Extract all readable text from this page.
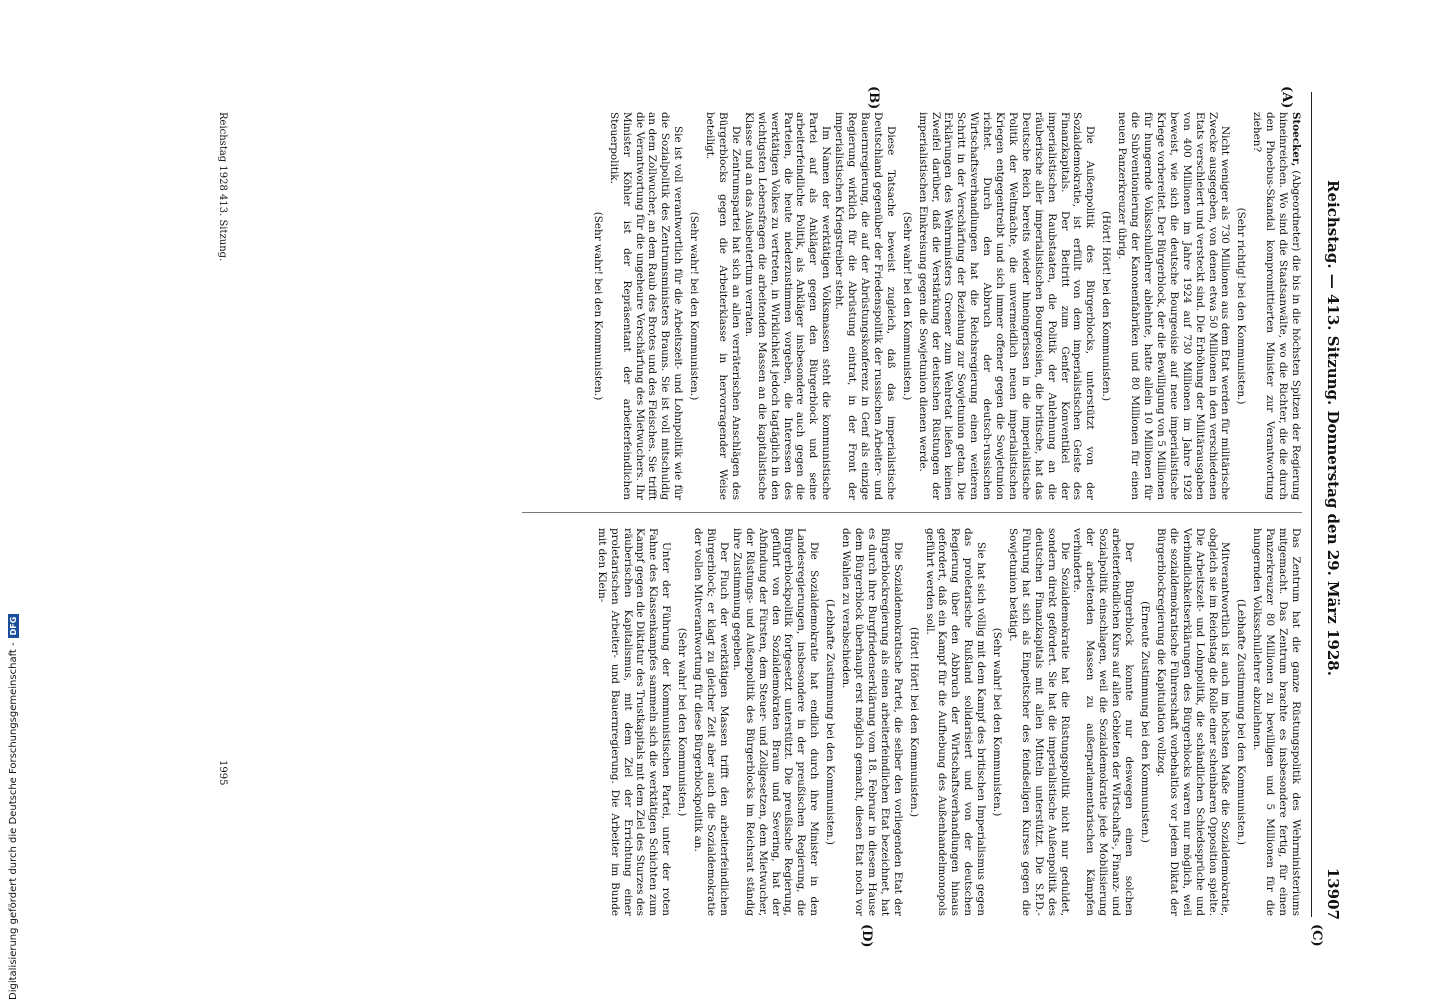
Digitalisierung gefördert durch die Deutsche Forschungsgemeinschaft -DFG	Reichstag. — 413. Sitzung. Donnerstag den 29. März 1928.
13907
(A)
(B)
(C)
(D)

Stoecker, (Abgeordneter) die bis in die höchsten Spitzen der Regierung hineinreichen. Wo sind die Staatsanwälte, wo die Richter, die die durch den Phoebus-Skandal kompromittierten Minister zur Verantwortung ziehen?

(Sehr richtig! bei den Kommunisten.)

Nicht weniger als 730 Millionen aus dem Etat werden für militärische Zwecke ausgegeben, von denen etwa 50 Millionen in den verschiedenen Etats verschleiert und versteckt sind. Die Erhöhung der Militärausgaben von 400 Millionen im Jahre 1924 auf 730 Millionen im Jahre 1928 beweist, wie sich die deutsche Bourgeoisie auf neue imperialistische Kriege vorbereitet. Der Bürgerblock, der die Bewilligung von 5 Millionen für hungernde Volksschullehrer ablehnte, hatte allein 10 Millionen für die Subventionierung der Kanonenfabriken und 80 Millionen für einen neuen Panzerkreuzer übrig.

(Hört! Hört! bei den Kommunisten.)

Die Außenpolitik des Bürgerblocks, unterstützt von der Sozialdemokratie, ist erfüllt von dem imperialistischen Geiste des Finanzkapitals. Der Beitritt zum Genfer Konventikel der imperialistischen Raubstaaten, die Politik der Anlehnung an die räuberische aller imperialistischen Bourgeoisien, die britische, hat das Deutsche Reich bereits wieder hineingerissen in die imperialistische Politik der Weltmächte, die unvermeidlich neuen imperialistischen Kriegen entgegentreibt und sich immer offener gegen die Sowjetunion richtet. Durch den Abbruch der deutsch-russischen Wirtschaftsverhandlungen hat die Reichsregierung einen weiteren Schritt in der Verschärfung der Beziehung zur Sowjetunion getan. Die Erklärungen des Wehrministers Groener zum Wehretat ließen keinen Zweifel darüber, daß die Verstärkung der deutschen Rüstungen der imperialistischen Einkreisung gegen die Sowjetunion dienen werde.

(Sehr wahr! bei den Kommunisten.)

Diese Tatsache beweist zugleich, daß das imperialistische Deutschland gegenüber der Friedenspolitik der russischen Arbeiter- und Bauernregierung, die auf der Abrüstungskonferenz in Genf als einzige Regierung wirklich für die Abrüstung eintrat, in der Front der imperialistischen Kriegstreiber steht.

Im Namen der werktätigen Volksmassen steht die kommunistische Partei auf als Ankläger gegen den Bürgerblock und seine arbeiterfeindliche Politik, als Ankläger insbesondere auch gegen die Parteien, die heute niederzustimmen vorgeben, die Interessen des werktätigen Volkes zu vertreten, in Wirklichkeit jedoch tagtäglich in den wichtigsten Lebensfragen die arbeitenden Massen an die kapitalistische Klasse und an das Ausbeutertum verraten.

Die Zentrumspartei hat sich an allen verräterischen Anschlägen des Bürgerblocks gegen die Arbeiterklasse in hervorragender Weise beteiligt.

(Sehr wahr! bei den Kommunisten.)

Sie ist voll verantwortlich für die Arbeitszeit- und Lohnpolitik wie für die Sozialpolitik des Zentrumsministers Brauns. Sie ist voll mitschuldig an dem Zollwucher, an dem Raub des Brotes und des Fleisches. Sie trifft die Verantwortung für die ungeheure Verschärfung des Mietwuchers. Ihr Minister Köhler ist der Repräsentant der arbeiterfeindlichen Steuerpolitik.

(Sehr wahr! bei den Kommunisten.)

Das Zentrum hat die ganze Rüstungspolitik des Wehrministeriums mitgemacht. Das Zentrum brachte es insbesondere fertig, für einen Panzerkreuzer 80 Millionen zu bewilligen und 5 Millionen für die hungernden Volksschullehrer abzulehnen.

(Lebhafte Zustimmung bei den Kommunisten.)

Mitverantwortlich ist auch im höchsten Maße die Sozialdemokratie, obgleich sie im Reichstag die Rolle einer scheinbaren Opposition spielte. Die Arbeitszeit- und Lohnpolitik, die schändlichen Schiedssprüche und Verbindlichkeitserklärungen des Bürgerblocks waren nur möglich, weil die sozialdemokratische Führerschaft vorbehaltlos vor jedem Diktat der Bürgerblockregierung die Kapitulation vollzog.

(Erneute Zustimmung bei den Kommunisten.)

Der Bürgerblock konnte nur deswegen einen solchen arbeiterfeindlichen Kurs auf allen Gebieten der Wirtschafts-, Finanz- und Sozialpolitik einschlagen, weil die Sozialdemokratie jede Mobilisierung der arbeitenden Massen zu außerparlamentarischen Kämpfen verhinderte.

Die Sozialdemokratie hat die Rüstungspolitik nicht nur geduldet, sondern direkt gefördert. Sie hat die imperialistische Außenpolitik des deutschen Finanzkapitals mit allen Mitteln unterstützt. Die S.P.D.-Führung hat sich als Einpeitscher des feindseligen Kurses gegen die Sowjetunion betätigt.

(Sehr wahr! bei den Kommunisten.)

Sie hat sich völlig mit dem Kampf des britischen Imperialismus gegen das proletarische Rußland solidarisiert und von der deutschen Regierung über den Abbruch der Wirtschaftsverhandlungen hinaus gefordert, daß ein Kampf für die Aufhebung des Außenhandelmonopols geführt werden soll.

(Hört! Hört! bei den Kommunisten.)

Die Sozialdemokratische Partei, die selber den vorliegenden Etat der Bürgerblockregierung als einen arbeiterfeindlichen Etat bezeichnet, hat es durch ihre Burgfriedenserklärung vom 18. Februar in diesem Hause dem Bürgerblock überhaupt erst möglich gemacht, diesen Etat noch vor den Wahlen zu verabschieden.

(Lebhafte Zustimmung bei den Kommunisten.)

Die Sozialdemokratie hat endlich durch ihre Minister in den Landesregierungen, insbesondere in der preußischen Regierung, die Bürgerblockpolitik fortgesetzt unterstützt. Die preußische Regierung, geführt von den Sozialdemokraten Braun und Severing, hat der Abfindung der Fürsten, dem Steuer- und Zollgesetzen, dem Mietwucher, der Rüstungs- und Außenpolitik des Bürgerblocks im Reichsrat ständig ihre Zustimmung gegeben.

Der Fluch der werktätigen Massen trifft den arbeiterfeindlichen Bürgerblock; er klagt zu gleicher Zeit aber auch die Sozialdemokratie der vollen Mitverantwortung für diese Bürgerblockpolitik an.

(Sehr wahr! bei den Kommunisten.)

Unter der Führung der Kommunistischen Partei, unter der roten Fahne des Klassenkampfes sammeln sich die werktätigen Schichten zum Kampf gegen die Diktatur des Trustkapitals mit dem Ziel des Sturzes des räuberischen Kapitalismus, mit dem Ziel der Errichtung einer proletarischen Arbeiter- und Bauernregierung. Die Arbeiter im Bunde mit den Klein-

Reichstag 1928 413. Sitzung.
1995
